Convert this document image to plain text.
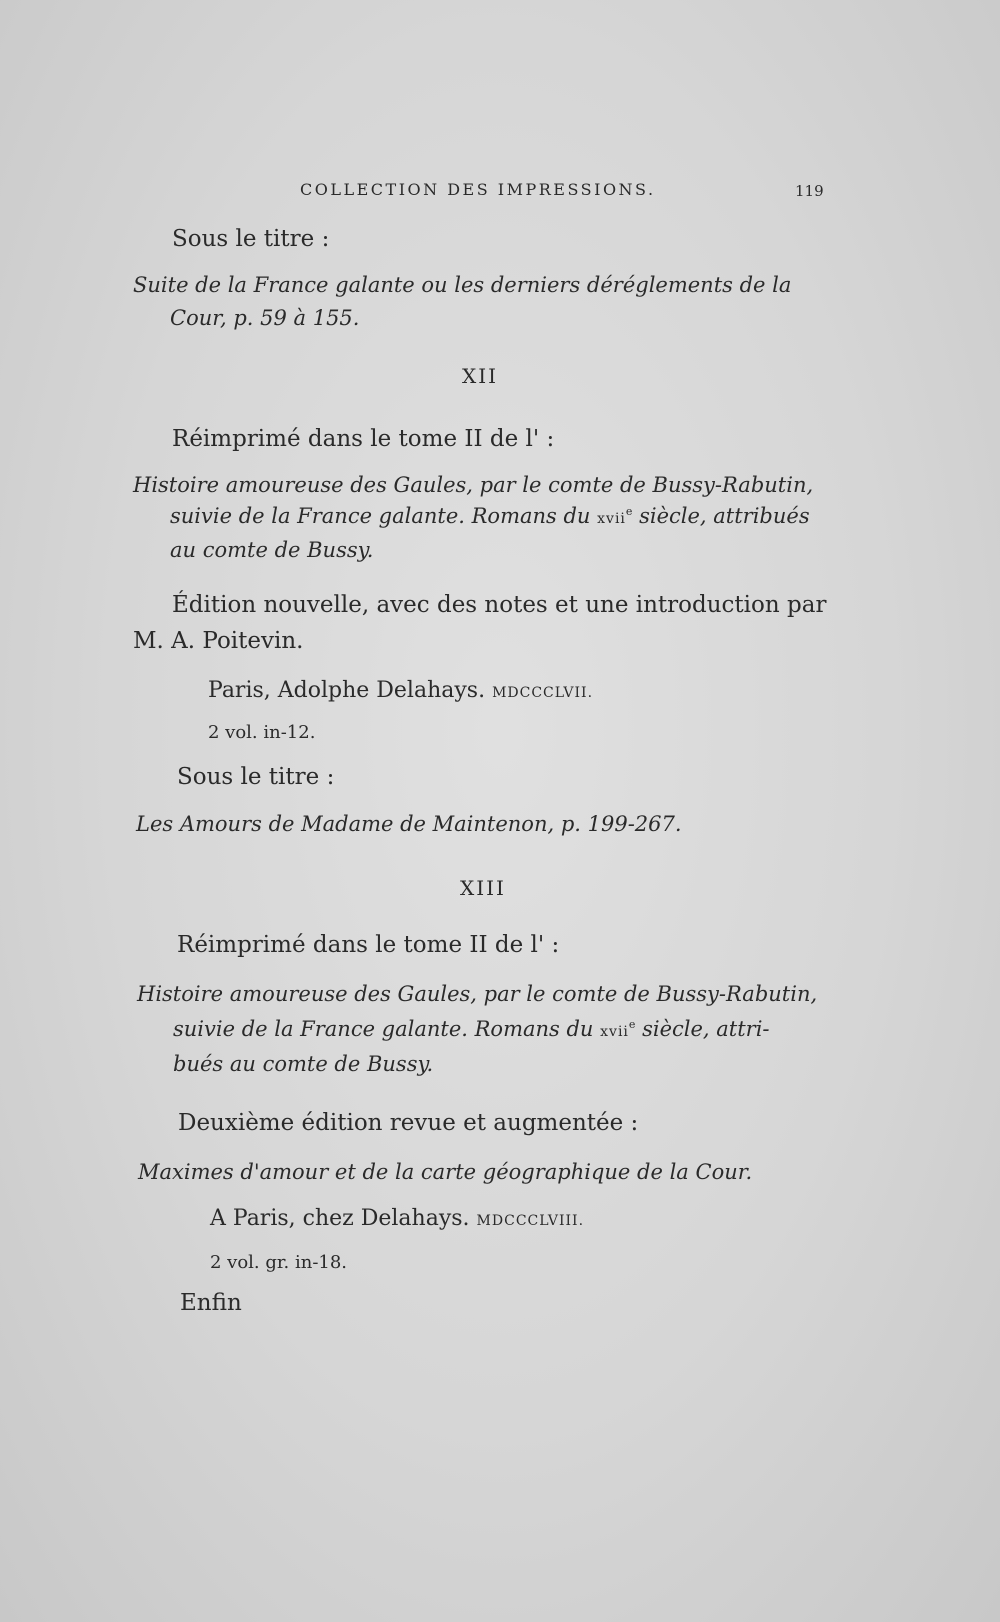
COLLECTION DES IMPRESSIONS.	119
Sous le titre :
Suite de la France galante ou les derniers déréglements de la
Cour, p. 59 à 155.
XII
Réimprimé dans le tome II de l' :
Histoire amoureuse des Gaules, par le comte de Bussy-Rabutin,
suivie de la France galante. Romans du xvii$^e$ siècle, attribués
au comte de Bussy.
Édition nouvelle, avec des notes et une introduction par
M. A. Poitevin.
Paris, Adolphe Delahays. MDCCCLVII.
2 vol. in-12.
Sous le titre :
Les Amours de Madame de Maintenon, p. 199-267.
XIII
Réimprimé dans le tome II de l' :
Histoire amoureuse des Gaules, par le comte de Bussy-Rabutin,
suivie de la France galante. Romans du xvii$^e$ siècle, attri-
bués au comte de Bussy.
Deuxième édition revue et augmentée :
Maximes d'amour et de la carte géographique de la Cour.
A Paris, chez Delahays. MDCCCLVIII.
2 vol. gr. in-18.
Enfin
